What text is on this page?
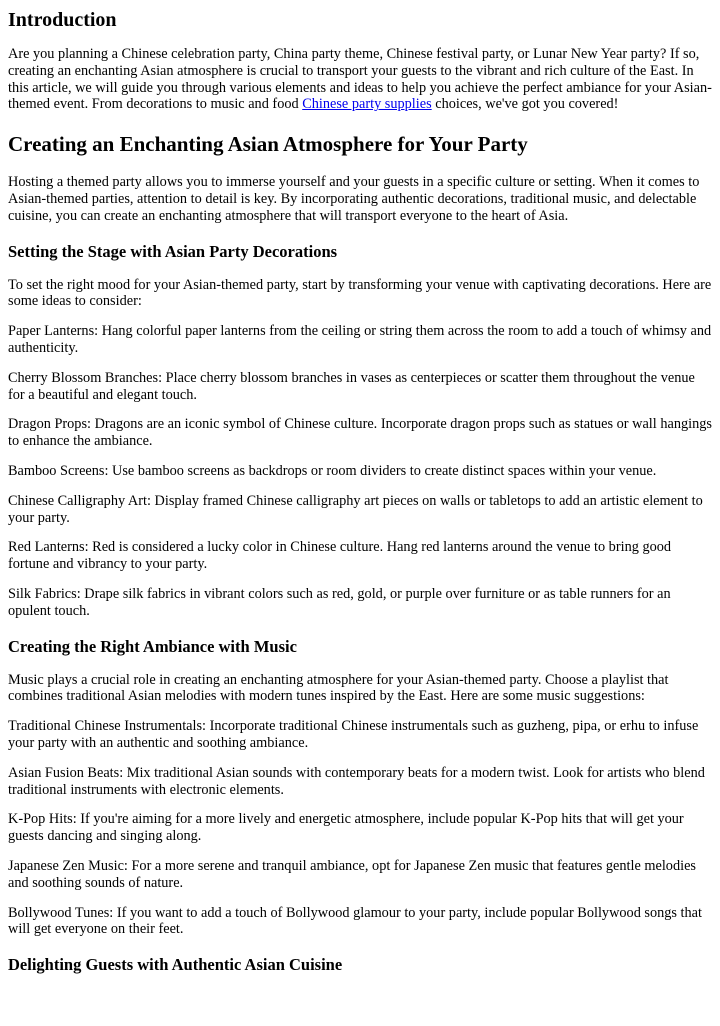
Introduction

Are you planning a Chinese celebration party, China party theme, Chinese festival party, or Lunar New Year party? If so, creating an enchanting Asian atmosphere is crucial to transport your guests to the vibrant and rich culture of the East. In this article, we will guide you through various elements and ideas to help you achieve the perfect ambiance for your Asian-themed event. From decorations to music and food Chinese party supplies choices, we've got you covered!

Creating an Enchanting Asian Atmosphere for Your Party

Hosting a themed party allows you to immerse yourself and your guests in a specific culture or setting. When it comes to Asian-themed parties, attention to detail is key. By incorporating authentic decorations, traditional music, and delectable cuisine, you can create an enchanting atmosphere that will transport everyone to the heart of Asia.

Setting the Stage with Asian Party Decorations

To set the right mood for your Asian-themed party, start by transforming your venue with captivating decorations. Here are some ideas to consider:

Paper Lanterns: Hang colorful paper lanterns from the ceiling or string them across the room to add a touch of whimsy and authenticity.

Cherry Blossom Branches: Place cherry blossom branches in vases as centerpieces or scatter them throughout the venue for a beautiful and elegant touch.

Dragon Props: Dragons are an iconic symbol of Chinese culture. Incorporate dragon props such as statues or wall hangings to enhance the ambiance.

Bamboo Screens: Use bamboo screens as backdrops or room dividers to create distinct spaces within your venue.

Chinese Calligraphy Art: Display framed Chinese calligraphy art pieces on walls or tabletops to add an artistic element to your party.

Red Lanterns: Red is considered a lucky color in Chinese culture. Hang red lanterns around the venue to bring good fortune and vibrancy to your party.

Silk Fabrics: Drape silk fabrics in vibrant colors such as red, gold, or purple over furniture or as table runners for an opulent touch.

Creating the Right Ambiance with Music

Music plays a crucial role in creating an enchanting atmosphere for your Asian-themed party. Choose a playlist that combines traditional Asian melodies with modern tunes inspired by the East. Here are some music suggestions:

Traditional Chinese Instrumentals: Incorporate traditional Chinese instrumentals such as guzheng, pipa, or erhu to infuse your party with an authentic and soothing ambiance.

Asian Fusion Beats: Mix traditional Asian sounds with contemporary beats for a modern twist. Look for artists who blend traditional instruments with electronic elements.

K-Pop Hits: If you're aiming for a more lively and energetic atmosphere, include popular K-Pop hits that will get your guests dancing and singing along.

Japanese Zen Music: For a more serene and tranquil ambiance, opt for Japanese Zen music that features gentle melodies and soothing sounds of nature.

Bollywood Tunes: If you want to add a touch of Bollywood glamour to your party, include popular Bollywood songs that will get everyone on their feet.

Delighting Guests with Authentic Asian Cuisine
